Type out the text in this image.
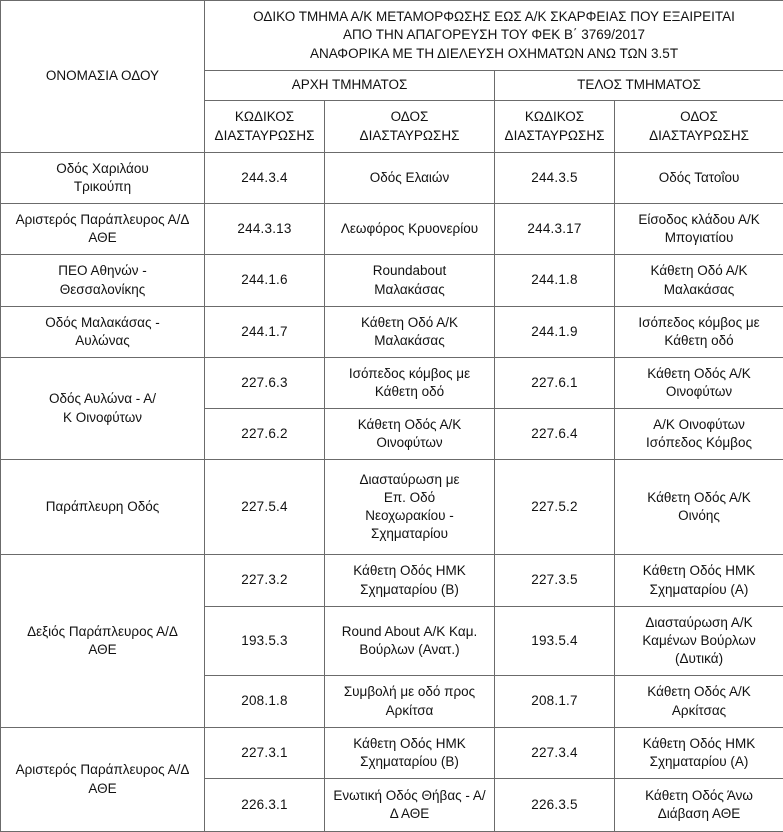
ΟΝΟΜΑΣΙΑ ΟΔΟΥ	ΟΔΙΚΟ ΤΜΗΜΑ Α/Κ ΜΕΤΑΜΟΡΦΩΣΗΣ ΕΩΣ Α/Κ ΣΚΑΡΦΕΙΑΣ ΠΟΥ ΕΞΑΙΡΕΙΤΑΙ
ΑΠΟ ΤΗΝ ΑΠΑΓΟΡΕΥΣΗ ΤΟΥ ΦΕΚ Β΄ 3769/2017
ΑΝΑΦΟΡΙΚΑ ΜΕ ΤΗ ΔΙΕΛΕΥΣΗ ΟΧΗΜΑΤΩΝ ΑΝΩ ΤΩΝ 3.5Τ			

	ΑΡΧΗ ΤΜΗΜΑΤΟΣ		ΤΕΛΟΣ ΤΜΗΜΑΤΟΣ	
	ΚΩΔΙΚΟΣ ΔΙΑΣΤΑΥΡΩΣΗΣ	ΟΔΟΣ ΔΙΑΣΤΑΥΡΩΣΗΣ	ΚΩΔΙΚΟΣ ΔΙΑΣΤΑΥΡΩΣΗΣ	ΟΔΟΣ ΔΙΑΣΤΑΥΡΩΣΗΣ
Οδός Χαριλάου Τρικούπη	244.3.4	Οδός Ελαιών	244.3.5	Οδός Τατοΐου
Αριστερός Παράπλευρος Α/Δ ΑΘΕ	244.3.13	Λεωφόρος Κρυονερίου	244.3.17	Είσοδος κλάδου Α/Κ Μπογιατίου
ΠΕΟ Αθηνών - Θεσσαλονίκης	244.1.6	Roundabout Μαλακάσας	244.1.8	Κάθετη Οδό Α/Κ Μαλακάσας
Οδός Μαλακάσας - Αυλώνας	244.1.7	Κάθετη Οδό Α/Κ Μαλακάσας	244.1.9	Ισόπεδος κόμβος με Κάθετη οδό
Οδός Αυλώνα - Α/Κ Οινοφύτων	227.6.3	Ισόπεδος κόμβος με Κάθετη οδό	227.6.1	Κάθετη Οδός Α/Κ Οινοφύτων
	227.6.2	Κάθετη Οδός Α/Κ Οινοφύτων	227.6.4	Α/Κ Οινοφύτων Ισόπεδος Κόμβος
Παράπλευρη Οδός	227.5.4	Διασταύρωση με Επ. Οδό Νεοχωρακίου - Σχηματαρίου	227.5.2	Κάθετη Οδός Α/Κ Οινόης
Δεξιός Παράπλευρος Α/Δ ΑΘΕ	227.3.2	Κάθετη Οδός ΗΜΚ Σχηματαρίου (Β)	227.3.5	Κάθετη Οδός ΗΜΚ Σχηματαρίου (Α)
	193.5.3	Round About Α/Κ Καμ. Βούρλων (Ανατ.)	193.5.4	Διασταύρωση Α/Κ Καμένων Βούρλων (Δυτικά)
	208.1.8	Συμβολή με οδό προς Αρκίτσα	208.1.7	Κάθετη Οδός Α/Κ Αρκίτσας
Αριστερός Παράπλευρος Α/Δ ΑΘΕ	227.3.1	Κάθετη Οδός ΗΜΚ Σχηματαρίου (Β)	227.3.4	Κάθετη Οδός ΗΜΚ Σχηματαρίου (Α)
	226.3.1	Ενωτική Οδός Θήβας - Α/Δ ΑΘΕ	226.3.5	Κάθετη Οδός Άνω Διάβαση ΑΘΕ
